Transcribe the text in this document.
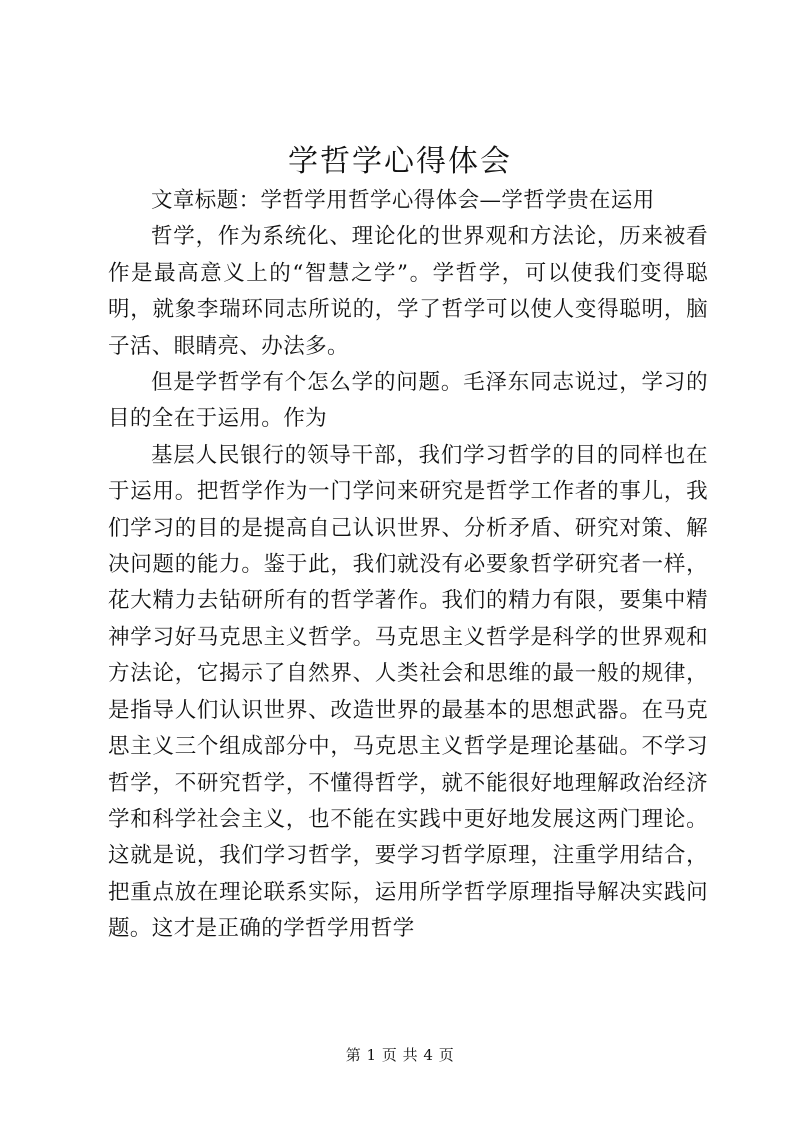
学哲学心得体会

文章标题：学哲学用哲学心得体会—学哲学贵在运用

哲学，作为系统化、理论化的世界观和方法论，历来被看作是最高意义上的“智慧之学”。学哲学，可以使我们变得聪明，就象李瑞环同志所说的，学了哲学可以使人变得聪明，脑子活、眼睛亮、办法多。

但是学哲学有个怎么学的问题。毛泽东同志说过，学习的目的全在于运用。作为

基层人民银行的领导干部，我们学习哲学的目的同样也在于运用。把哲学作为一门学问来研究是哲学工作者的事儿，我们学习的目的是提高自己认识世界、分析矛盾、研究对策、解决问题的能力。鉴于此，我们就没有必要象哲学研究者一样，花大精力去钻研所有的哲学著作。我们的精力有限，要集中精神学习好马克思主义哲学。马克思主义哲学是科学的世界观和方法论，它揭示了自然界、人类社会和思维的最一般的规律，是指导人们认识世界、改造世界的最基本的思想武器。在马克思主义三个组成部分中，马克思主义哲学是理论基础。不学习哲学，不研究哲学，不懂得哲学，就不能很好地理解政治经济学和科学社会主义，也不能在实践中更好地发展这两门理论。这就是说，我们学习哲学，要学习哲学原理，注重学用结合，把重点放在理论联系实际，运用所学哲学原理指导解决实践问题。这才是正确的学哲学用哲学

第 1 页 共 4 页
